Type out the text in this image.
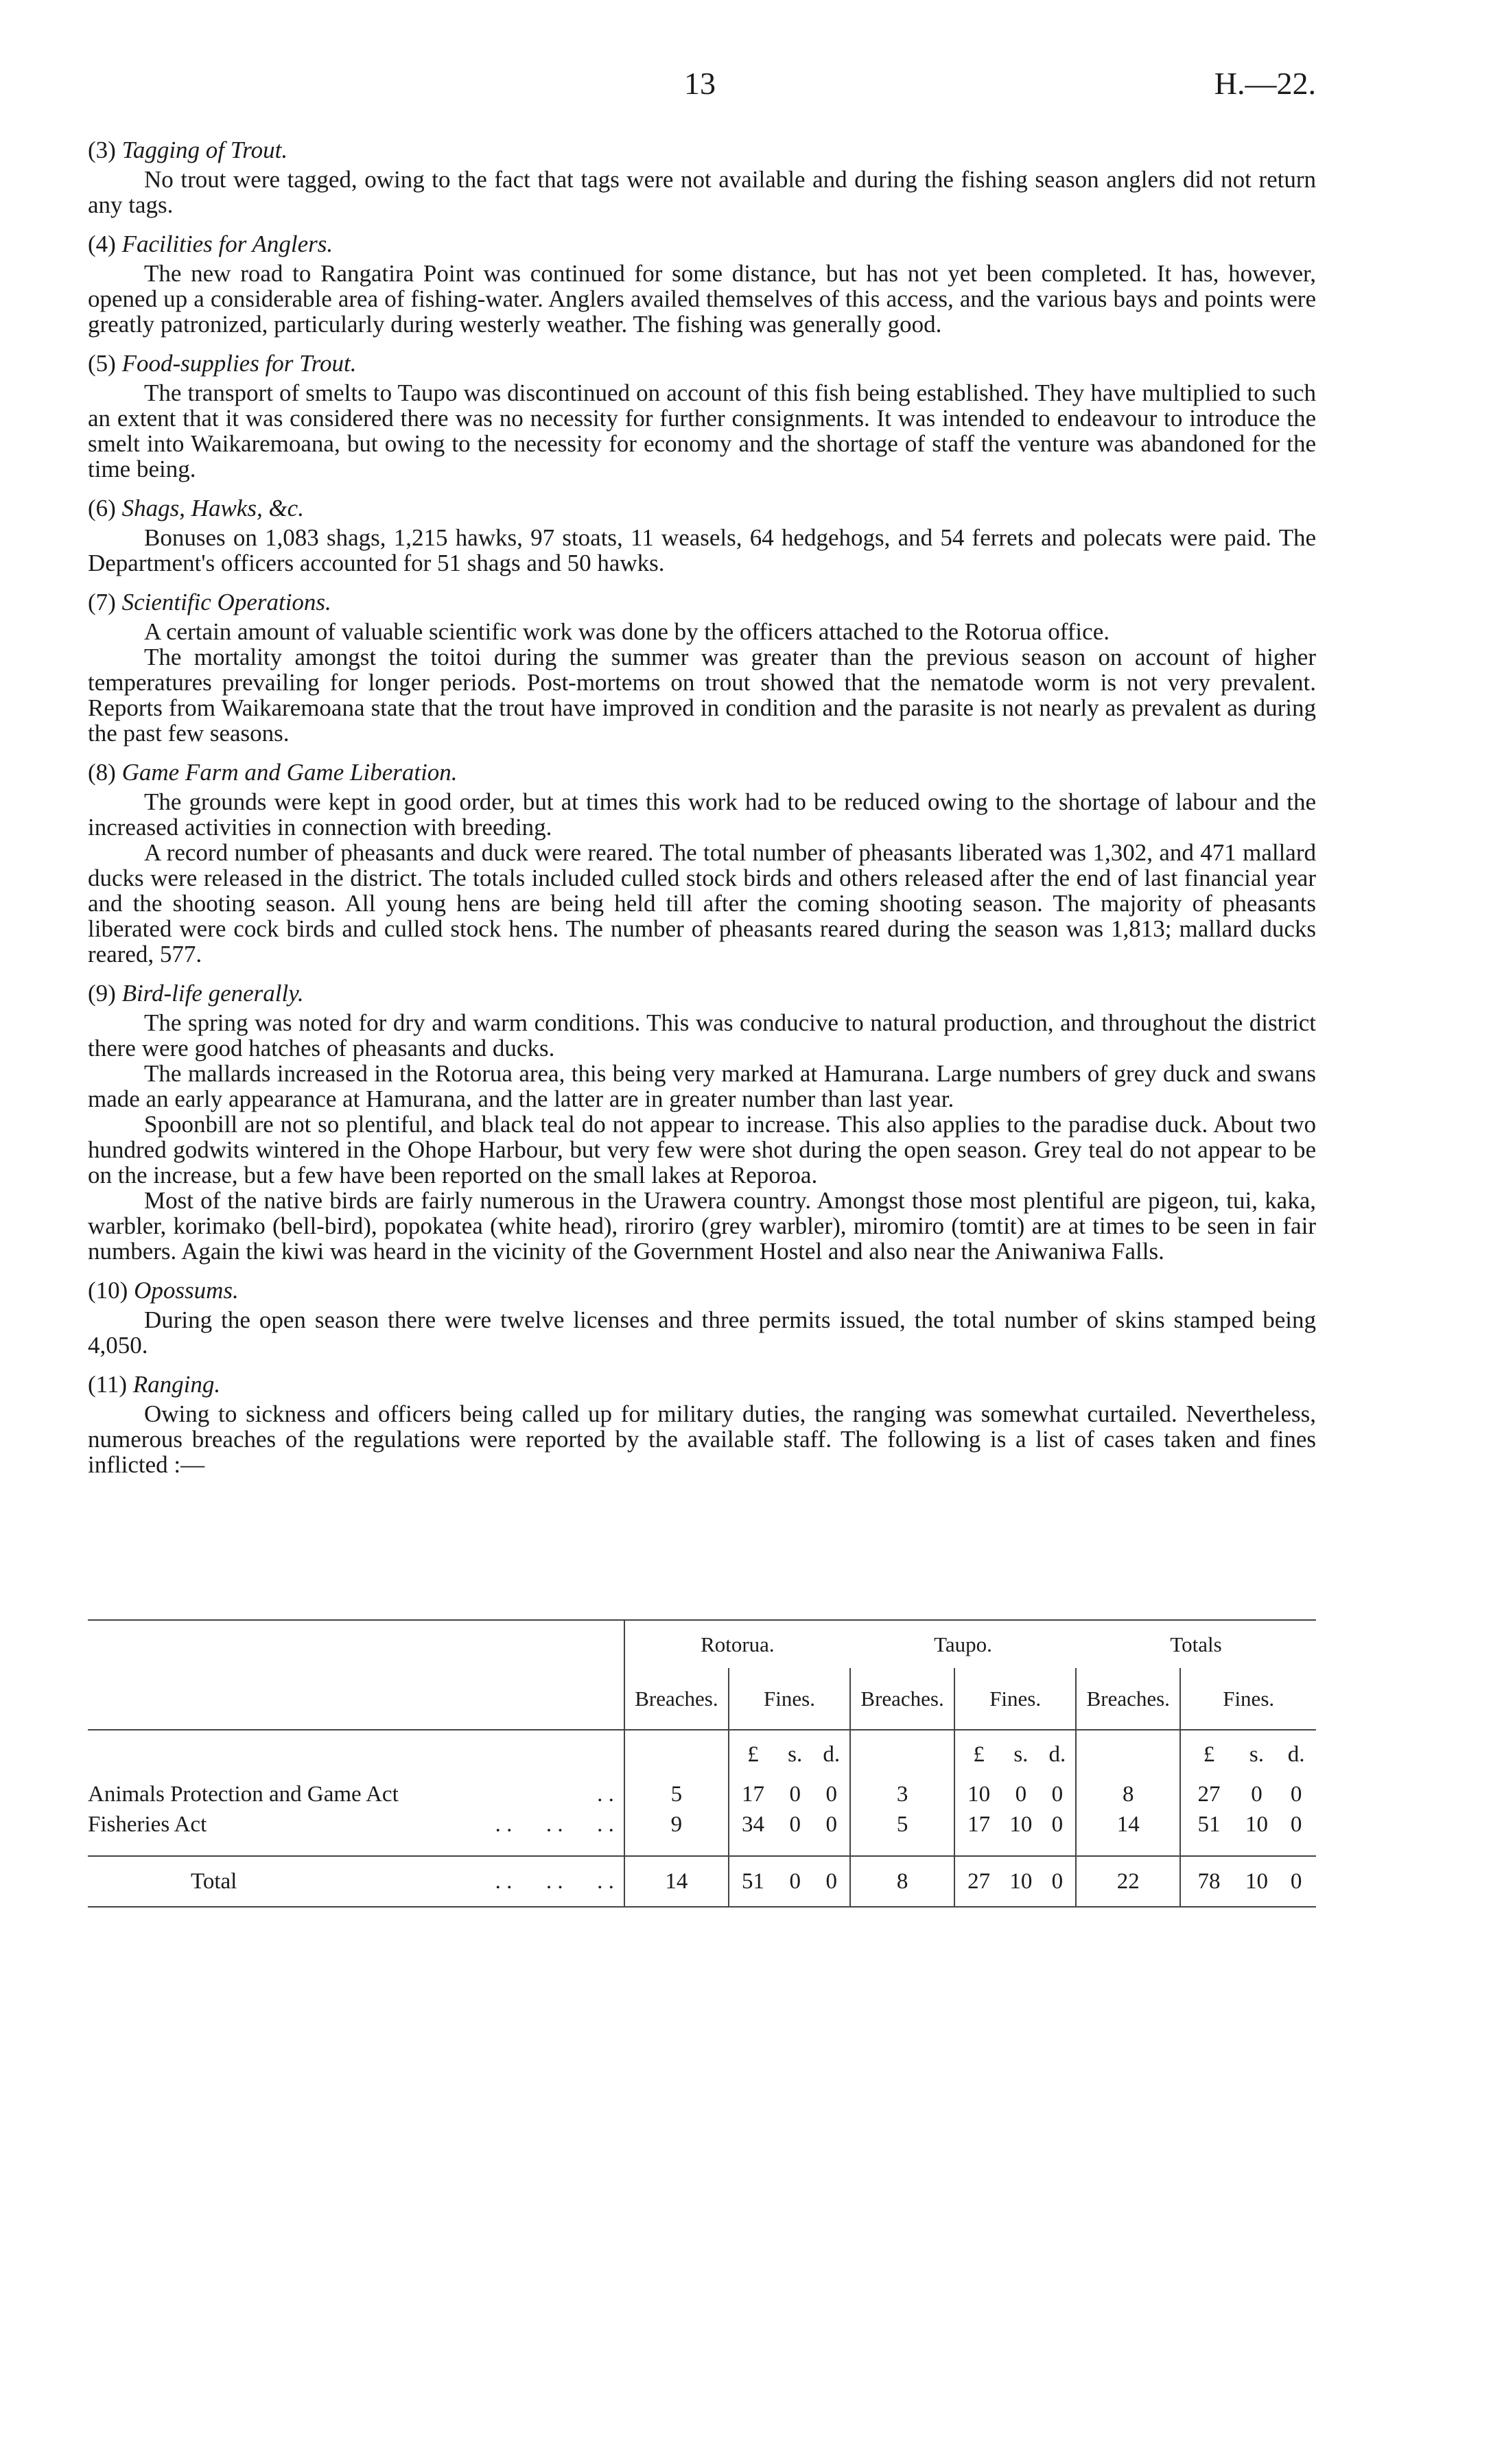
13	H.—22.

(3) Tagging of Trout.

No trout were tagged, owing to the fact that tags were not available and during the fishing season anglers did not return any tags.

(4) Facilities for Anglers.

The new road to Rangatira Point was continued for some distance, but has not yet been completed. It has, however, opened up a considerable area of fishing-water. Anglers availed themselves of this access, and the various bays and points were greatly patronized, particularly during westerly weather. The fishing was generally good.

(5) Food-supplies for Trout.

The transport of smelts to Taupo was discontinued on account of this fish being established. They have multiplied to such an extent that it was considered there was no necessity for further consignments. It was intended to endeavour to introduce the smelt into Waikaremoana, but owing to the necessity for economy and the shortage of staff the venture was abandoned for the time being.

(6) Shags, Hawks, &c.

Bonuses on 1,083 shags, 1,215 hawks, 97 stoats, 11 weasels, 64 hedgehogs, and 54 ferrets and polecats were paid. The Department's officers accounted for 51 shags and 50 hawks.

(7) Scientific Operations.

A certain amount of valuable scientific work was done by the officers attached to the Rotorua office.

The mortality amongst the toitoi during the summer was greater than the previous season on account of higher temperatures prevailing for longer periods. Post-mortems on trout showed that the nematode worm is not very prevalent. Reports from Waikaremoana state that the trout have improved in condition and the parasite is not nearly as prevalent as during the past few seasons.

(8) Game Farm and Game Liberation.

The grounds were kept in good order, but at times this work had to be reduced owing to the shortage of labour and the increased activities in connection with breeding.

A record number of pheasants and duck were reared. The total number of pheasants liberated was 1,302, and 471 mallard ducks were released in the district. The totals included culled stock birds and others released after the end of last financial year and the shooting season. All young hens are being held till after the coming shooting season. The majority of pheasants liberated were cock birds and culled stock hens. The number of pheasants reared during the season was 1,813; mallard ducks reared, 577.

(9) Bird-life generally.

The spring was noted for dry and warm conditions. This was conducive to natural production, and throughout the district there were good hatches of pheasants and ducks.

The mallards increased in the Rotorua area, this being very marked at Hamurana. Large numbers of grey duck and swans made an early appearance at Hamurana, and the latter are in greater number than last year.

Spoonbill are not so plentiful, and black teal do not appear to increase. This also applies to the paradise duck. About two hundred godwits wintered in the Ohope Harbour, but very few were shot during the open season. Grey teal do not appear to be on the increase, but a few have been reported on the small lakes at Reporoa.

Most of the native birds are fairly numerous in the Urawera country. Amongst those most plentiful are pigeon, tui, kaka, warbler, korimako (bell-bird), popokatea (white head), riroriro (grey warbler), miromiro (tomtit) are at times to be seen in fair numbers. Again the kiwi was heard in the vicinity of the Government Hostel and also near the Aniwaniwa Falls.

(10) Opossums.

During the open season there were twelve licenses and three permits issued, the total number of skins stamped being 4,050.

(11) Ranging.

Owing to sickness and officers being called up for military duties, the ranging was somewhat curtailed. Nevertheless, numerous breaches of the regulations were reported by the available staff. The following is a list of cases taken and fines inflicted :—

	Rotorua.				Taupo.				Totals			
	Breaches.	Fines.			Breaches.	Fines.			Breaches.	Fines.		
		£	s.	d.		£	s.	d.		£	s.	d.
Animals Protection and Game Act . .	5	17	0	0	3	10	0	0	8	27	0	0
Fisheries Act . .      . .      . .	9	34	0	0	5	17	10	0	14	51	10	0

Total . .      . .      . .	14	51	0	0	8	27	10	0	22	78	10	0
